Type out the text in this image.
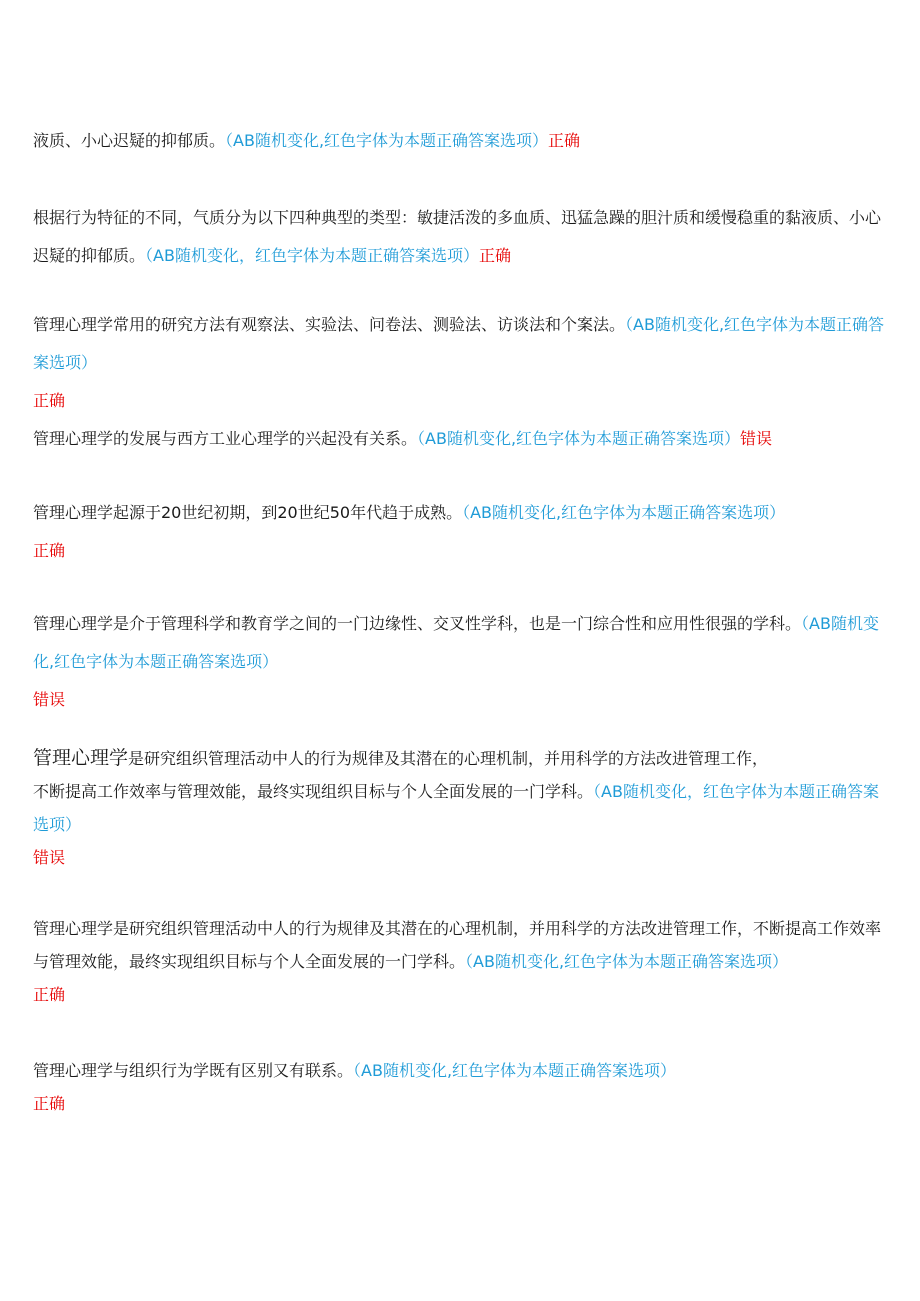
液质、小心迟疑的抑郁质。（AB随机变化,红色字体为本题正确答案选项）正确

根据行为特征的不同，气质分为以下四种典型的类型：敏捷活泼的多血质、迅猛急躁的胆汁质和缓慢稳重的黏液质、小心迟疑的抑郁质。（AB随机变化，红色字体为本题正确答案选项）正确

管理心理学常用的研究方法有观察法、实验法、问卷法、测验法、访谈法和个案法。（AB随机变化,红色字体为本题正确答案选项）
正确

管理心理学的发展与西方工业心理学的兴起没有关系。（AB随机变化,红色字体为本题正确答案选项）错误

管理心理学起源于20世纪初期，到20世纪50年代趋于成熟。（AB随机变化,红色字体为本题正确答案选项）
正确

管理心理学是介于管理科学和教育学之间的一门边缘性、交叉性学科，也是一门综合性和应用性很强的学科。（AB随机变化,红色字体为本题正确答案选项）
错误

管理心理学是研究组织管理活动中人的行为规律及其潜在的心理机制，并用科学的方法改进管理工作，
不断提高工作效率与管理效能，最终实现组织目标与个人全面发展的一门学科。（AB随机变化，红色字体为本题正确答案选项）
错误

管理心理学是研究组织管理活动中人的行为规律及其潜在的心理机制，并用科学的方法改进管理工作，不断提高工作效率与管理效能，最终实现组织目标与个人全面发展的一门学科。（AB随机变化,红色字体为本题正确答案选项）
正确

管理心理学与组织行为学既有区别又有联系。（AB随机变化,红色字体为本题正确答案选项）
正确
